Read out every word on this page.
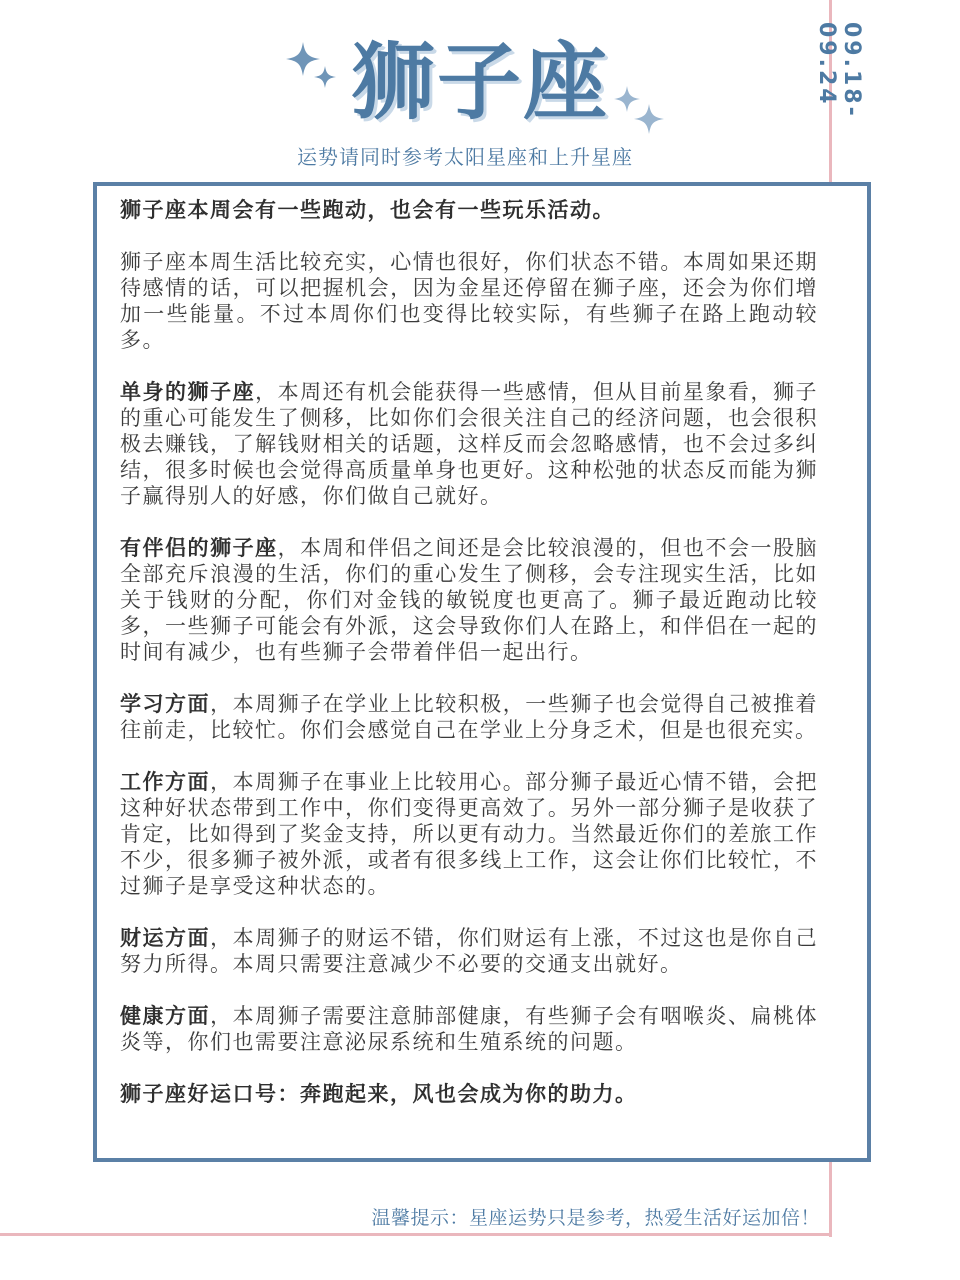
狮子座
运势请同时参考太阳星座和上升星座
09.18-09.24

狮子座本周会有一些跑动，也会有一些玩乐活动。

狮子座本周生活比较充实，心情也很好，你们状态不错。本周如果还期待感情的话，可以把握机会，因为金星还停留在狮子座，还会为你们增加一些能量。不过本周你们也变得比较实际，有些狮子在路上跑动较多。

单身的狮子座，本周还有机会能获得一些感情，但从目前星象看，狮子的重心可能发生了侧移，比如你们会很关注自己的经济问题，也会很积极去赚钱，了解钱财相关的话题，这样反而会忽略感情，也不会过多纠结，很多时候也会觉得高质量单身也更好。这种松弛的状态反而能为狮子赢得别人的好感，你们做自己就好。

有伴侣的狮子座，本周和伴侣之间还是会比较浪漫的，但也不会一股脑全部充斥浪漫的生活，你们的重心发生了侧移，会专注现实生活，比如关于钱财的分配，你们对金钱的敏锐度也更高了。狮子最近跑动比较多，一些狮子可能会有外派，这会导致你们人在路上，和伴侣在一起的时间有减少，也有些狮子会带着伴侣一起出行。

学习方面，本周狮子在学业上比较积极，一些狮子也会觉得自己被推着往前走，比较忙。你们会感觉自己在学业上分身乏术，但是也很充实。

工作方面，本周狮子在事业上比较用心。部分狮子最近心情不错，会把这种好状态带到工作中，你们变得更高效了。另外一部分狮子是收获了肯定，比如得到了奖金支持，所以更有动力。当然最近你们的差旅工作不少，很多狮子被外派，或者有很多线上工作，这会让你们比较忙，不过狮子是享受这种状态的。

财运方面，本周狮子的财运不错，你们财运有上涨，不过这也是你自己努力所得。本周只需要注意减少不必要的交通支出就好。

健康方面，本周狮子需要注意肺部健康，有些狮子会有咽喉炎、扁桃体炎等，你们也需要注意泌尿系统和生殖系统的问题。

狮子座好运口号：奔跑起来，风也会成为你的助力。

温馨提示：星座运势只是参考，热爱生活好运加倍！
